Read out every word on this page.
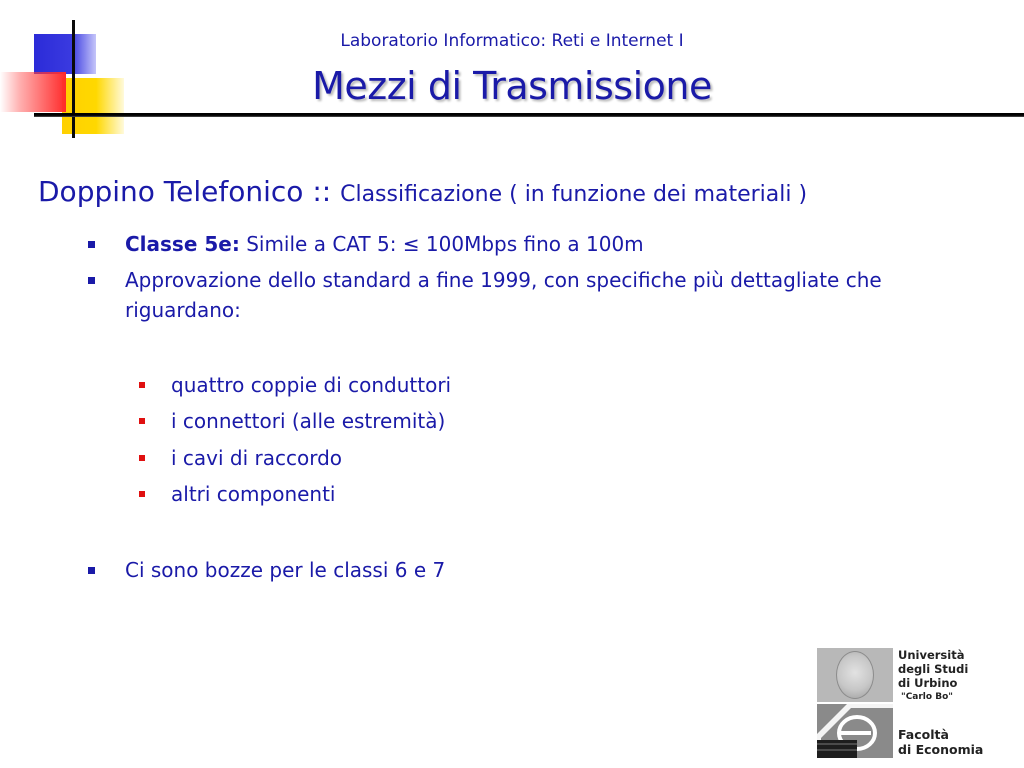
Laboratorio Informatico: Reti e Internet I
Mezzi di Trasmissione
Doppino Telefonico :: Classificazione ( in funzione dei materiali )
Classe 5e: Simile a CAT 5: ≤ 100Mbps fino a 100m
Approvazione dello standard a fine 1999, con specifiche più dettagliate che riguardano:
quattro coppie di conduttori
i connettori (alle estremità)
i cavi di raccordo
altri componenti
Ci sono bozze per le classi 6 e 7
Università
degli Studi
di Urbino
"Carlo Bo"
Facoltà
di Economia
